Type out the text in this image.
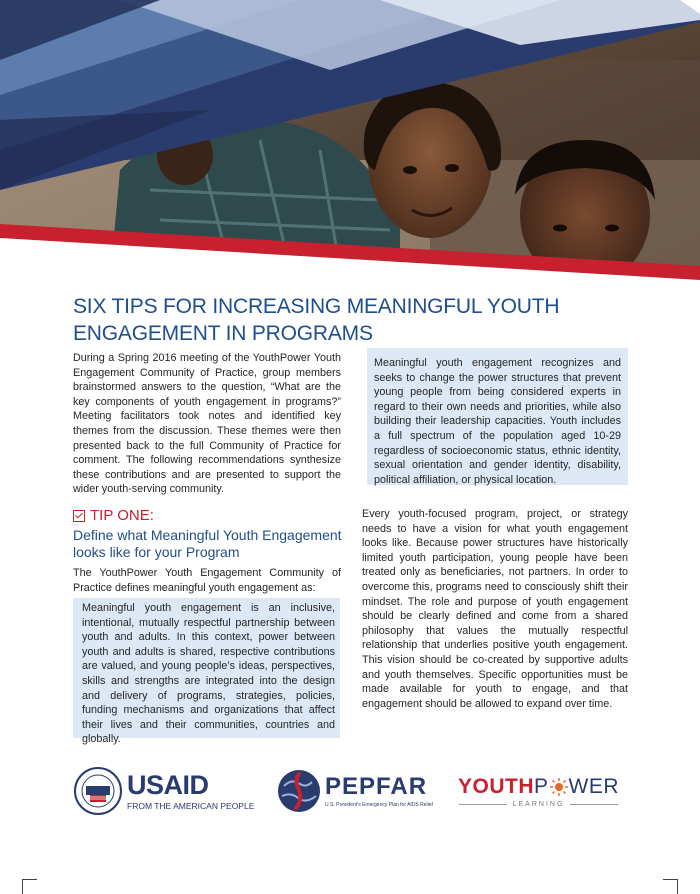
SIX TIPS FOR INCREASING MEANINGFUL YOUTH ENGAGEMENT IN PROGRAMS

During a Spring 2016 meeting of the YouthPower Youth Engagement Community of Practice, group members brainstormed answers to the question, “What are the key components of youth engagement in programs?” Meeting facilitators took notes and identified key themes from the discussion. These themes were then presented back to the full Community of Practice for comment. The following recommendations synthesize these contributions and are presented to support the wider youth-serving community.

Meaningful youth engagement recognizes and seeks to change the power structures that prevent young people from being considered experts in regard to their own needs and priorities, while also building their leadership capacities. Youth includes a full spectrum of the population aged 10-29 regardless of socioeconomic status, ethnic identity, sexual orientation and gender identity, disability, political affiliation, or physical location.

TIP ONE:

Define what Meaningful Youth Engagement looks like for your Program

The YouthPower Youth Engagement Community of Practice defines meaningful youth engagement as:

Meaningful youth engagement is an inclusive, intentional, mutually respectful partnership between youth and adults. In this context, power between youth and adults is shared, respective contributions are valued, and young people’s ideas, perspectives, skills and strengths are integrated into the design and delivery of programs, strategies, policies, funding mechanisms and organizations that affect their lives and their communities, countries and globally.

Every youth-focused program, project, or strategy needs to have a vision for what youth engagement looks like. Because power structures have historically limited youth participation, young people have been treated only as beneficiaries, not partners. In order to overcome this, programs need to consciously shift their mindset. The role and purpose of youth engagement should be clearly defined and come from a shared philosophy that values the mutually respectful relationship that underlies positive youth engagement. This vision should be co-created by supportive adults and youth themselves. Specific opportunities must be made available for youth to engage, and that engagement should be allowed to expand over time.

USAID
FROM THE AMERICAN PEOPLE
PEPFAR
U.S. President's Emergency Plan for AIDS Relief
YOUTH P WER
LEARNING
